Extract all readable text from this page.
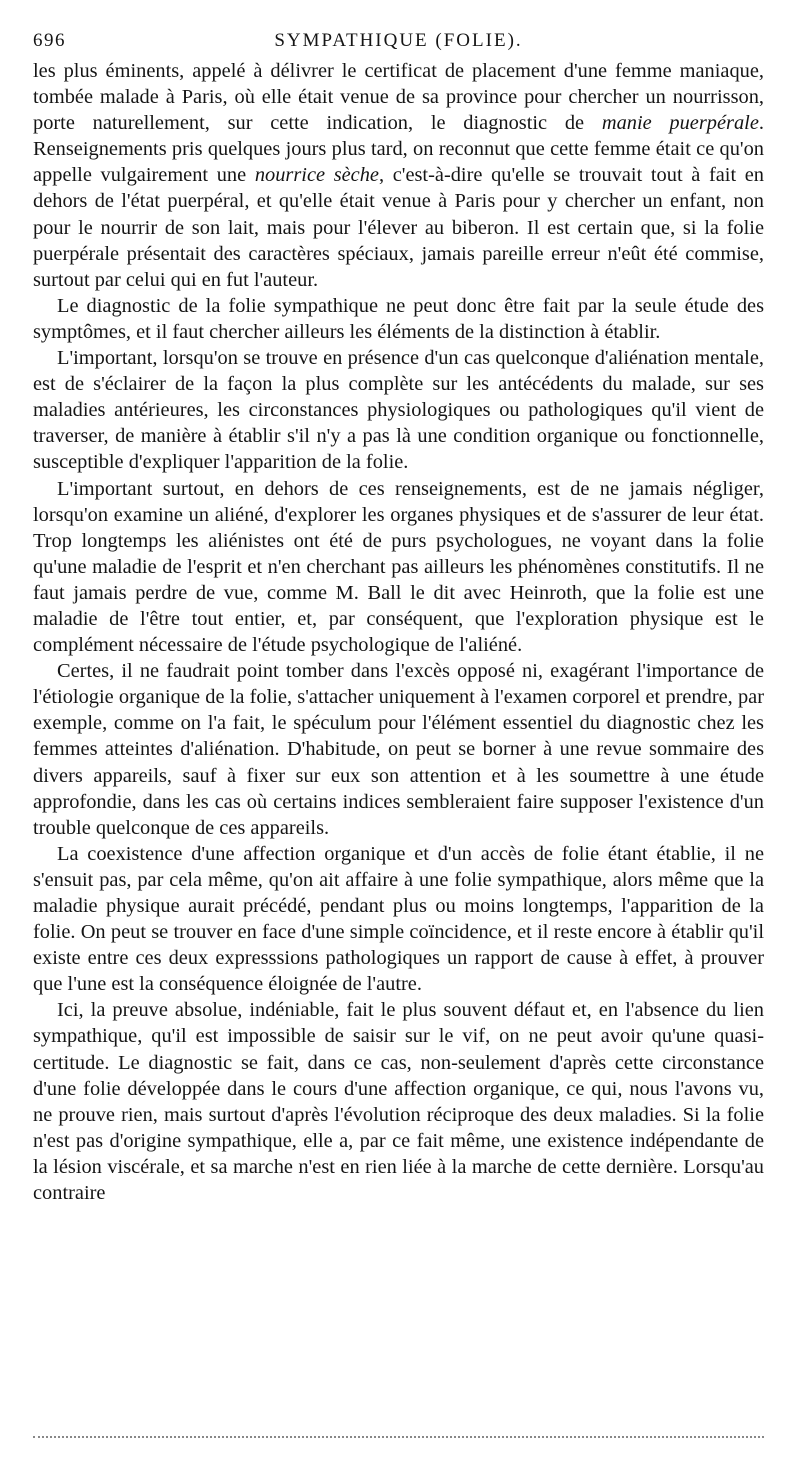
696	SYMPATHIQUE (FOLIE).

les plus éminents, appelé à délivrer le certificat de placement d'une femme maniaque, tombée malade à Paris, où elle était venue de sa province pour chercher un nourrisson, porte naturellement, sur cette indication, le diagnostic de manie puerpérale. Renseignements pris quelques jours plus tard, on reconnut que cette femme était ce qu'on appelle vulgairement une nourrice sèche, c'est-à-dire qu'elle se trouvait tout à fait en dehors de l'état puerpéral, et qu'elle était venue à Paris pour y chercher un enfant, non pour le nourrir de son lait, mais pour l'élever au biberon. Il est certain que, si la folie puerpérale présentait des caractères spéciaux, jamais pareille erreur n'eût été commise, surtout par celui qui en fut l'auteur.

Le diagnostic de la folie sympathique ne peut donc être fait par la seule étude des symptômes, et il faut chercher ailleurs les éléments de la distinction à établir.

L'important, lorsqu'on se trouve en présence d'un cas quelconque d'aliénation mentale, est de s'éclairer de la façon la plus complète sur les antécédents du malade, sur ses maladies antérieures, les circonstances physiologiques ou pathologiques qu'il vient de traverser, de manière à établir s'il n'y a pas là une condition organique ou fonctionnelle, susceptible d'expliquer l'apparition de la folie.

L'important surtout, en dehors de ces renseignements, est de ne jamais négliger, lorsqu'on examine un aliéné, d'explorer les organes physiques et de s'assurer de leur état. Trop longtemps les aliénistes ont été de purs psychologues, ne voyant dans la folie qu'une maladie de l'esprit et n'en cherchant pas ailleurs les phénomènes constitutifs. Il ne faut jamais perdre de vue, comme M. Ball le dit avec Heinroth, que la folie est une maladie de l'être tout entier, et, par conséquent, que l'exploration physique est le complément nécessaire de l'étude psychologique de l'aliéné.

Certes, il ne faudrait point tomber dans l'excès opposé ni, exagérant l'importance de l'étiologie organique de la folie, s'attacher uniquement à l'examen corporel et prendre, par exemple, comme on l'a fait, le spéculum pour l'élément essentiel du diagnostic chez les femmes atteintes d'aliénation. D'habitude, on peut se borner à une revue sommaire des divers appareils, sauf à fixer sur eux son attention et à les soumettre à une étude approfondie, dans les cas où certains indices sembleraient faire supposer l'existence d'un trouble quelconque de ces appareils.

La coexistence d'une affection organique et d'un accès de folie étant établie, il ne s'ensuit pas, par cela même, qu'on ait affaire à une folie sympathique, alors même que la maladie physique aurait précédé, pendant plus ou moins longtemps, l'apparition de la folie. On peut se trouver en face d'une simple coïncidence, et il reste encore à établir qu'il existe entre ces deux expresssions pathologiques un rapport de cause à effet, à prouver que l'une est la conséquence éloignée de l'autre.

Ici, la preuve absolue, indéniable, fait le plus souvent défaut et, en l'absence du lien sympathique, qu'il est impossible de saisir sur le vif, on ne peut avoir qu'une quasi-certitude. Le diagnostic se fait, dans ce cas, non-seulement d'après cette circonstance d'une folie développée dans le cours d'une affection organique, ce qui, nous l'avons vu, ne prouve rien, mais surtout d'après l'évolution réciproque des deux maladies. Si la folie n'est pas d'origine sympathique, elle a, par ce fait même, une existence indépendante de la lésion viscérale, et sa marche n'est en rien liée à la marche de cette dernière. Lorsqu'au contraire
